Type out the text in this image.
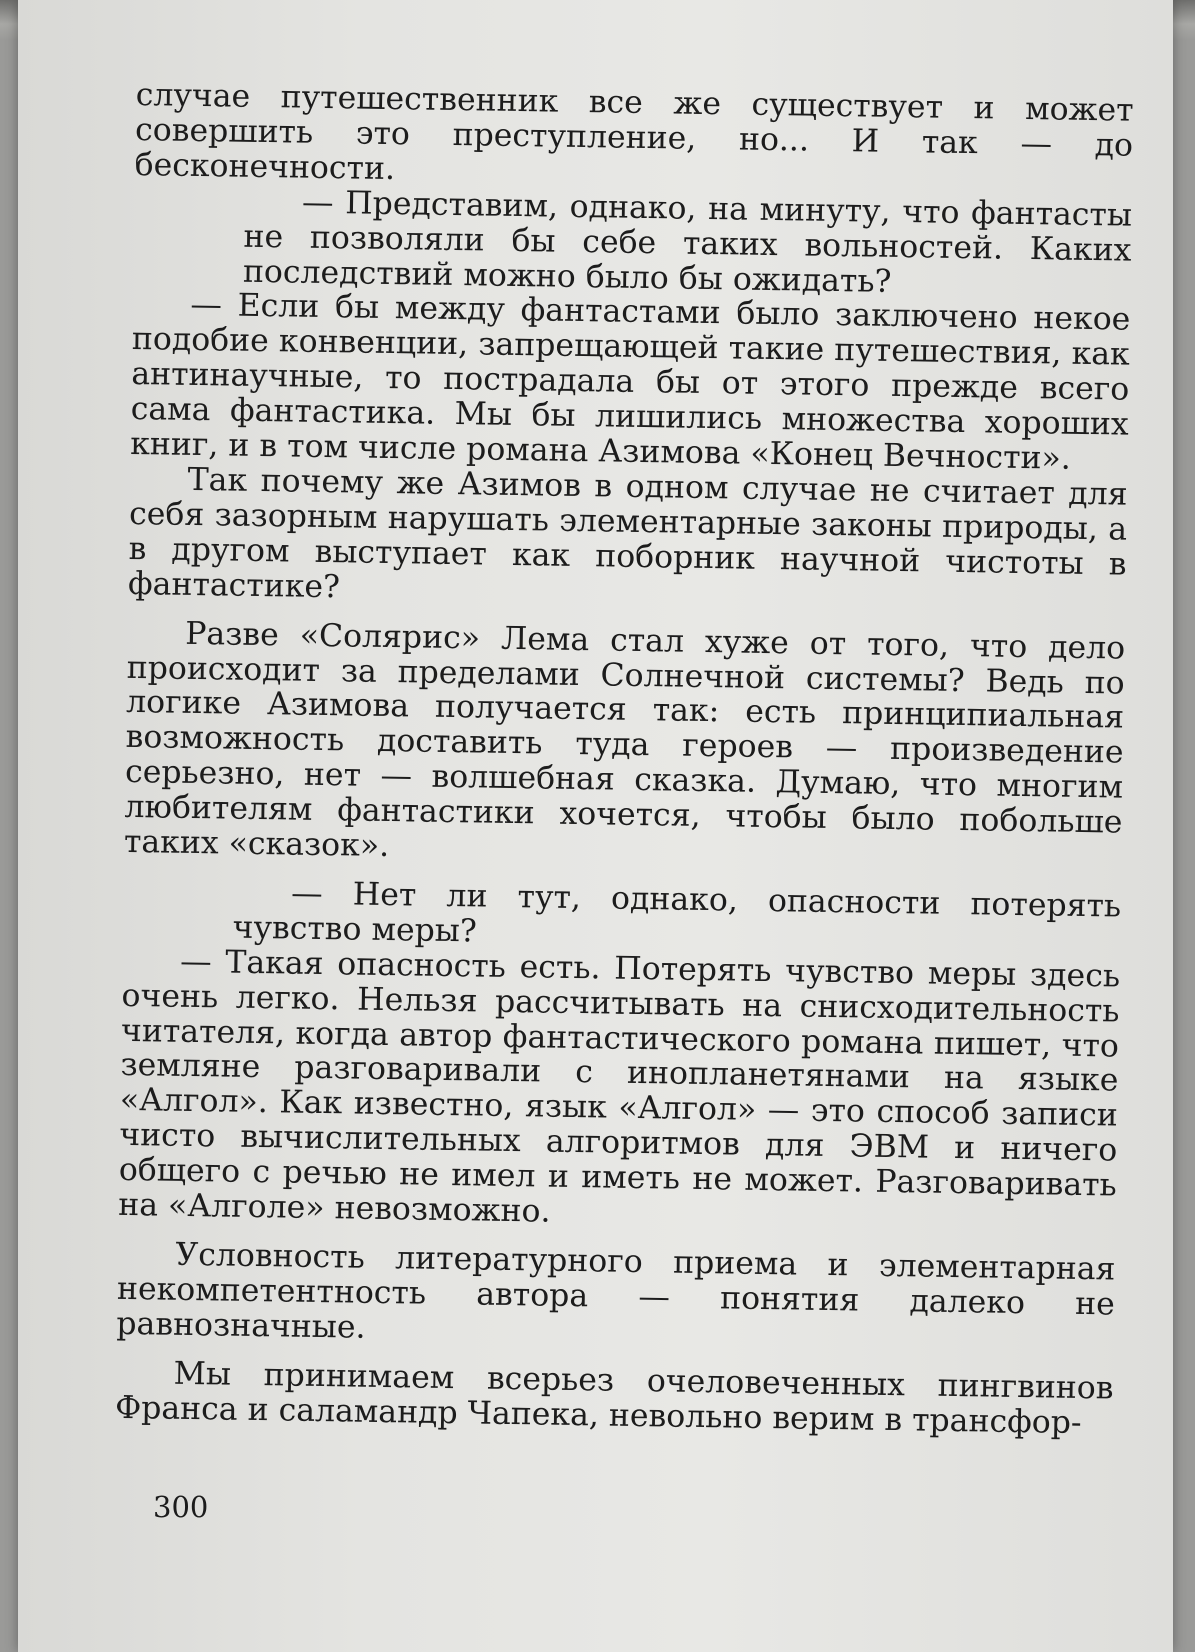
случае путешественник все же существует и может совершить это преступление, но... И так — до бесконечности.

— Представим, однако, на минуту, что фантасты не позволяли бы себе таких вольностей. Каких последствий можно было бы ожидать?

— Если бы между фантастами было заключено некое подобие конвенции, запрещающей такие путешествия, как антинаучные, то пострадала бы от этого прежде всего сама фантастика. Мы бы лишились множества хороших книг, и в том числе романа Азимова «Конец Вечности».

Так почему же Азимов в одном случае не считает для себя зазорным нарушать элементарные законы природы, а в другом выступает как поборник научной чистоты в фантастике?

Разве «Солярис» Лема стал хуже от того, что дело происходит за пределами Солнечной системы? Ведь по логике Азимова получается так: есть принципиальная возможность доставить туда героев — произведение серьезно, нет — волшебная сказка. Думаю, что многим любителям фантастики хочется, чтобы было побольше таких «сказок».

— Нет ли тут, однако, опасности потерять чувство меры?

— Такая опасность есть. Потерять чувство меры здесь очень легко. Нельзя рассчитывать на снисходительность читателя, когда автор фантастического романа пишет, что земляне разговаривали с инопланетянами на языке «Алгол». Как известно, язык «Алгол» — это способ записи чисто вычислительных алгоритмов для ЭВМ и ничего общего с речью не имел и иметь не может. Разговаривать на «Алголе» невозможно.

Условность литературного приема и элементарная некомпетентность автора — понятия далеко не равнозначные.

Мы принимаем всерьез очеловеченных пингвинов Франса и саламандр Чапека, невольно верим в трансфор-

300
